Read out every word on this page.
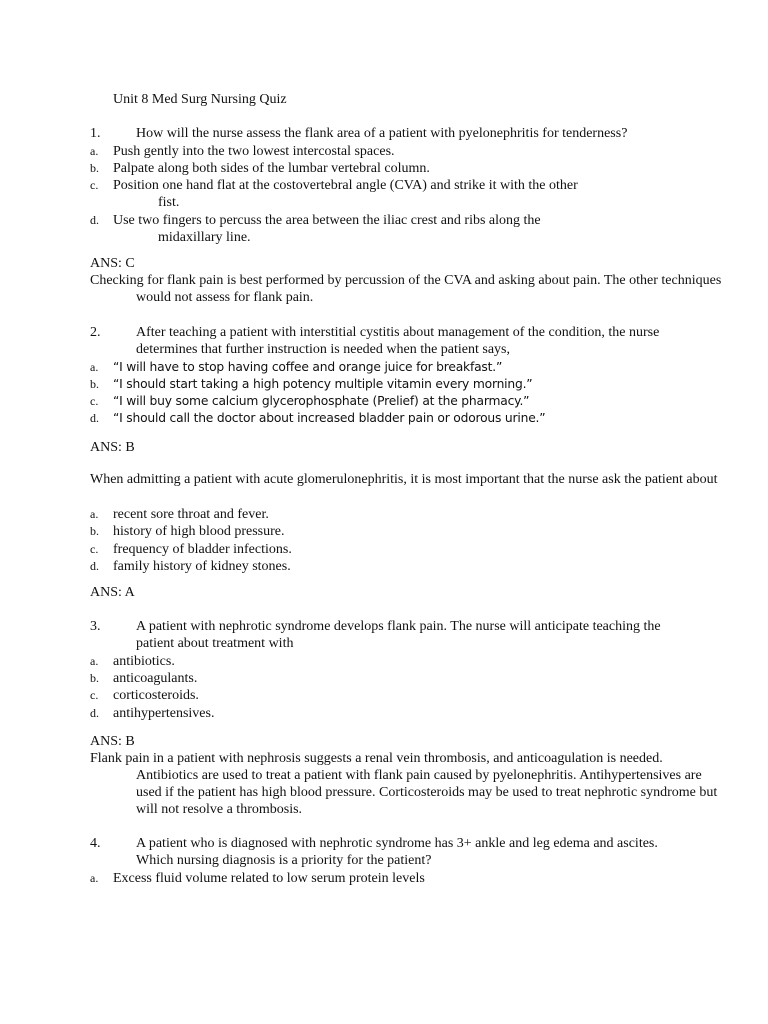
Unit 8 Med Surg Nursing Quiz
1.	How will the nurse assess the flank area of a patient with pyelonephritis for tenderness?
a. Push gently into the two lowest intercostal spaces.
b. Palpate along both sides of the lumbar vertebral column.
c. Position one hand flat at the costovertebral angle (CVA) and strike it with the other
fist.
d. Use two fingers to percuss the area between the iliac crest and ribs along the
midaxillary line.
ANS: C
Checking for flank pain is best performed by percussion of the CVA and asking about pain. The other techniques would not assess for flank pain.
2.	After teaching a patient with interstitial cystitis about management of the condition, the nurse determines that further instruction is needed when the patient says,
a. “I will have to stop having coffee and orange juice for breakfast.”
b. “I should start taking a high potency multiple vitamin every morning.”
c. “I will buy some calcium glycerophosphate (Prelief) at the pharmacy.”
d. “I should call the doctor about increased bladder pain or odorous urine.”
ANS: B
When admitting a patient with acute glomerulonephritis, it is most important that the nurse ask the patient about
a. recent sore throat and fever.
b. history of high blood pressure.
c. frequency of bladder infections.
d. family history of kidney stones.
ANS: A
3.	A patient with nephrotic syndrome develops flank pain. The nurse will anticipate teaching the patient about treatment with
a. antibiotics.
b. anticoagulants.
c. corticosteroids.
d. antihypertensives.
ANS: B
Flank pain in a patient with nephrosis suggests a renal vein thrombosis, and anticoagulation is needed. Antibiotics are used to treat a patient with flank pain caused by pyelonephritis. Antihypertensives are used if the patient has high blood pressure. Corticosteroids may be used to treat nephrotic syndrome but will not resolve a thrombosis.
4.	A patient who is diagnosed with nephrotic syndrome has 3+ ankle and leg edema and ascites. Which nursing diagnosis is a priority for the patient?
a. Excess fluid volume related to low serum protein levels
